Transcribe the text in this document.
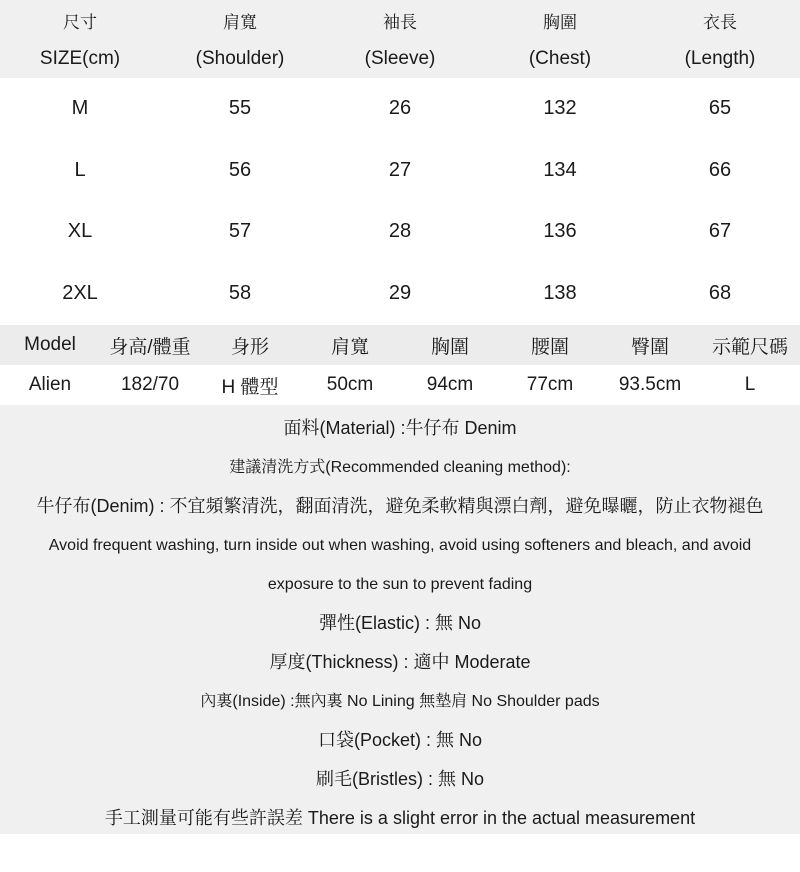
尺寸	肩寬	袖長	胸圍	衣長
SIZE(cm)	(Shoulder)	(Sleeve)	(Chest)	(Length)
M	55	26	132	65
L	56	27	134	66
XL	57	28	136	67
2XL	58	29	138	68
Model	身高/體重	身形	肩寬	胸圍	腰圍	臀圍	示範尺碼
Alien	182/70	H 體型	50cm	94cm	77cm	93.5cm	L
面料(Material) :牛仔布 Denim
建議清洗方式(Recommended cleaning method):
牛仔布(Denim) : 不宜頻繁清洗，翻面清洗，避免柔軟精與漂白劑，避免曝曬，防止衣物褪色
Avoid frequent washing, turn inside out when washing, avoid using softeners and bleach, and avoid
exposure to the sun to prevent fading
彈性(Elastic) : 無 No
厚度(Thickness) : 適中 Moderate
內裏(Inside) :無內裏 No Lining 無墊肩 No Shoulder pads
口袋(Pocket) : 無 No
刷毛(Bristles) : 無 No
手工測量可能有些許誤差 There is a slight error in the actual measurement
